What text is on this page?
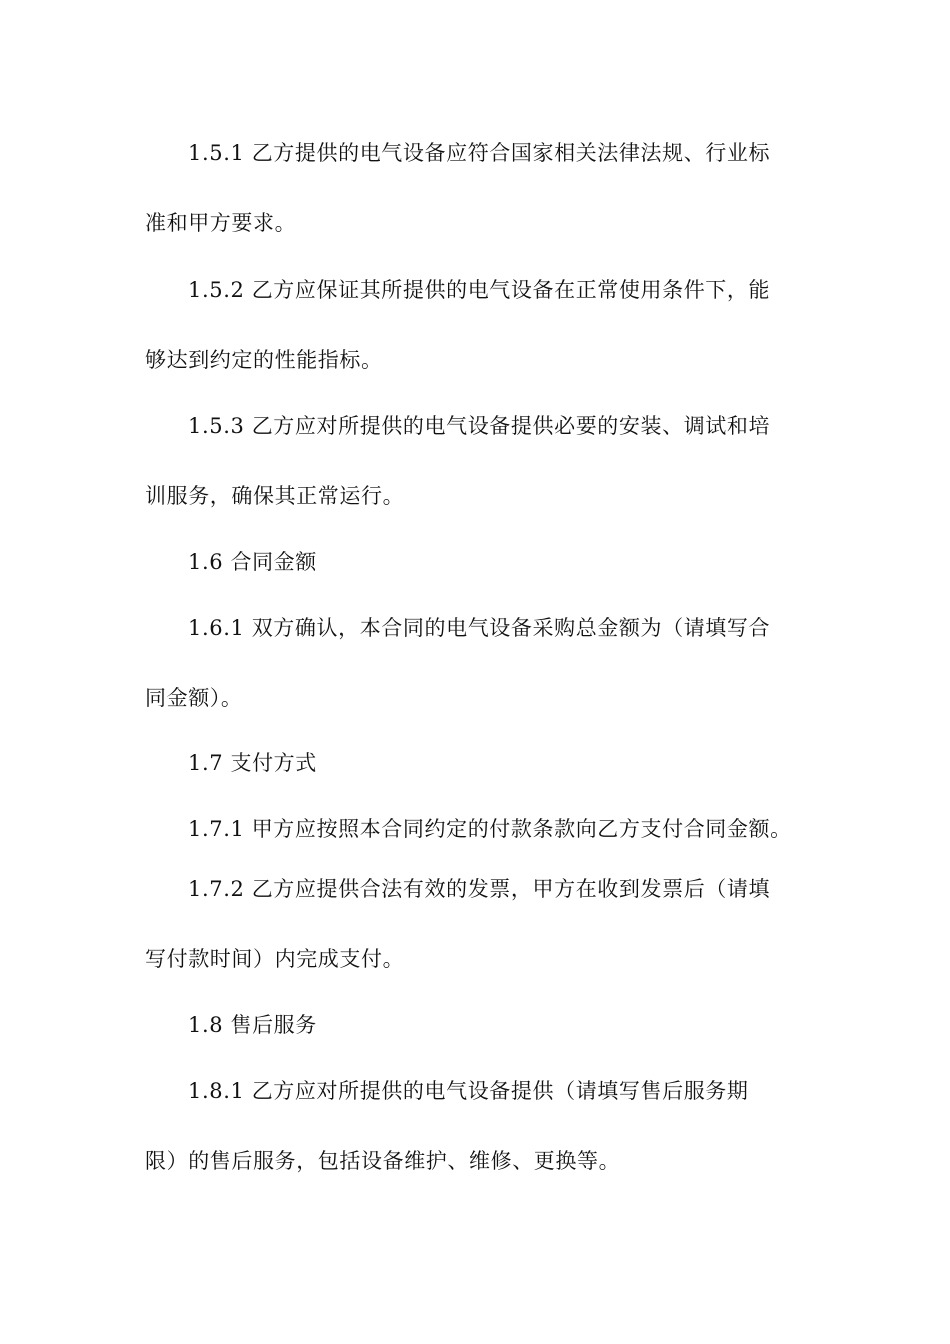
1.5.1 乙方提供的电气设备应符合国家相关法律法规、行业标
准和甲方要求。
1.5.2 乙方应保证其所提供的电气设备在正常使用条件下，能
够达到约定的性能指标。
1.5.3 乙方应对所提供的电气设备提供必要的安装、调试和培
训服务，确保其正常运行。
1.6 合同金额
1.6.1 双方确认，本合同的电气设备采购总金额为（请填写合
同金额）。
1.7 支付方式
1.7.1 甲方应按照本合同约定的付款条款向乙方支付合同金额。
1.7.2 乙方应提供合法有效的发票，甲方在收到发票后（请填
写付款时间）内完成支付。
1.8 售后服务
1.8.1 乙方应对所提供的电气设备提供（请填写售后服务期
限）的售后服务，包括设备维护、维修、更换等。
